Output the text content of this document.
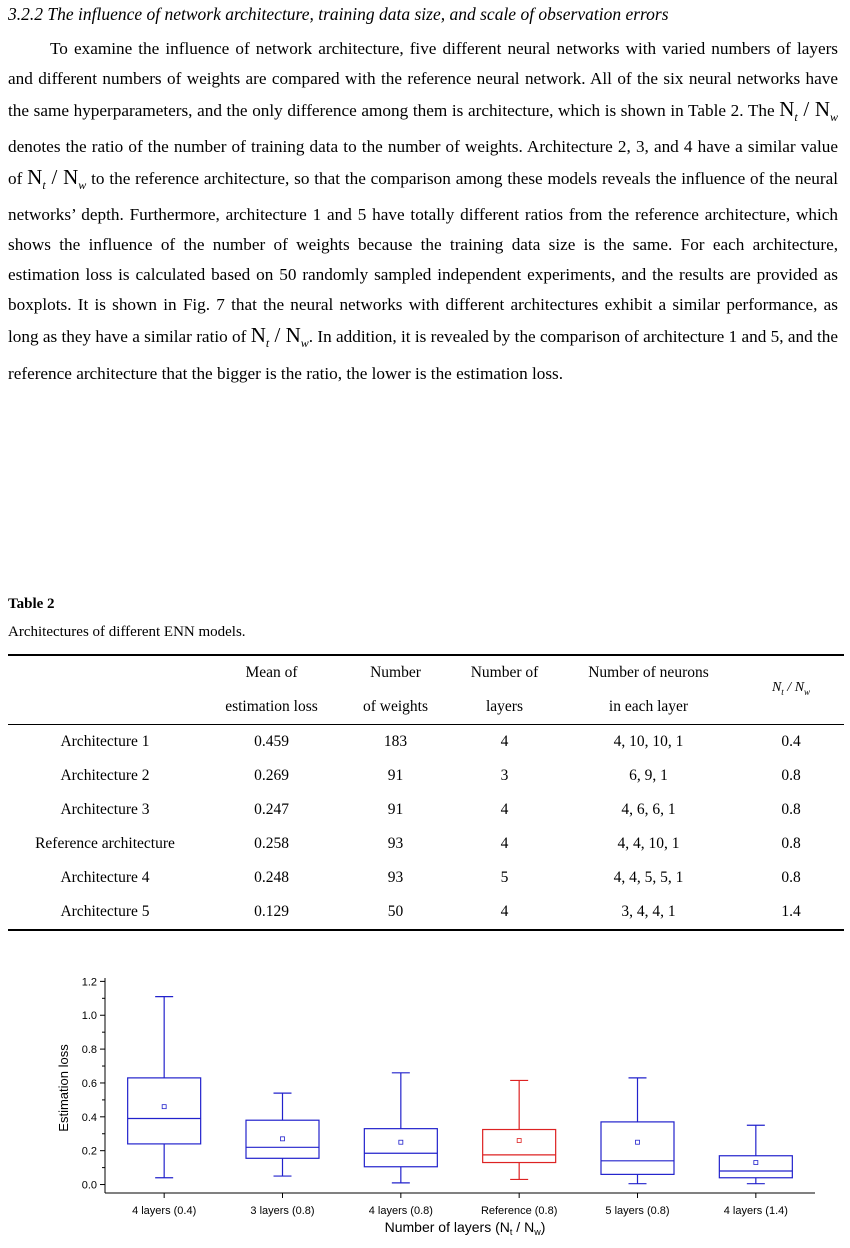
3.2.2 The influence of network architecture, training data size, and scale of observation errors

To examine the influence of network architecture, five different neural networks with varied numbers of layers and different numbers of weights are compared with the reference neural network. All of the six neural networks have the same hyperparameters, and the only difference among them is architecture, which is shown in Table 2. The $N_t / N_w$ denotes the ratio of the number of training data to the number of weights. Architecture 2, 3, and 4 have a similar value of $N_t / N_w$ to the reference architecture, so that the comparison among these models reveals the influence of the neural networks’ depth. Furthermore, architecture 1 and 5 have totally different ratios from the reference architecture, which shows the influence of the number of weights because the training data size is the same. For each architecture, estimation loss is calculated based on 50 randomly sampled independent experiments, and the results are provided as boxplots. It is shown in Fig. 7 that the neural networks with different architectures exhibit a similar performance, as long as they have a similar ratio of $N_t / N_w$. In addition, it is revealed by the comparison of architecture 1 and 5, and the reference architecture that the bigger is the ratio, the lower is the estimation loss.

Table 2
Architectures of different ENN models.
	Mean of	Number	Number of	Number of neurons	$N_t / N_w$
	estimation loss	of weights	layers	in each layer	
Architecture 1	0.459	183	4	4, 10, 10, 1	0.4
Architecture 2	0.269	91	3	6, 9, 1	0.8
Architecture 3	0.247	91	4	4, 6, 6, 1	0.8
Reference architecture	0.258	93	4	4, 4, 10, 1	0.8
Architecture 4	0.248	93	5	4, 4, 5, 5, 1	0.8
Architecture 5	0.129	50	4	3, 4, 4, 1	1.4
0.0
0.2
0.4
0.6
0.8
1.0
1.2
4 layers (0.4)	3 layers (0.8)	4 layers (0.8)	Reference (0.8)	5 layers (0.8)	4 layers (1.4)
Estimation loss
Number of layers $(N_t / N_w)$
